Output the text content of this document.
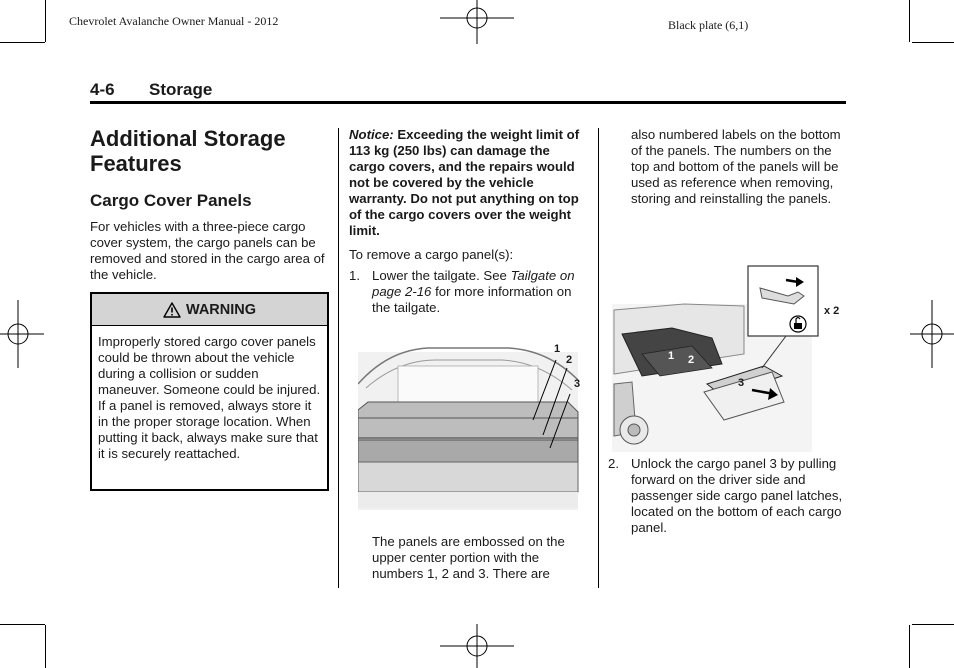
Chevrolet Avalanche Owner Manual - 2012	Black plate (6,1)
4-6 Storage
Additional Storage Features
Cargo Cover Panels
For vehicles with a three-piece cargo cover system, the cargo panels can be removed and stored in the cargo area of the vehicle.
WARNING
Improperly stored cargo cover panels could be thrown about the vehicle during a collision or sudden maneuver. Someone could be injured. If a panel is removed, always store it in the proper storage location. When putting it back, always make sure that it is securely reattached.
Notice: Exceeding the weight limit of 113 kg (250 lbs) can damage the cargo covers, and the repairs would not be covered by the vehicle warranty. Do not put anything on top of the cargo covers over the weight limit.
To remove a cargo panel(s):
1. Lower the tailgate. See Tailgate on page 2-16 for more information on the tailgate.
1
2
3
The panels are embossed on the upper center portion with the numbers 1, 2 and 3. There are
also numbered labels on the bottom of the panels. The numbers on the top and bottom of the panels will be used as reference when removing, storing and reinstalling the panels.
x 2
1 2
3
2. Unlock the cargo panel 3 by pulling forward on the driver side and passenger side cargo panel latches, located on the bottom of each cargo panel.
